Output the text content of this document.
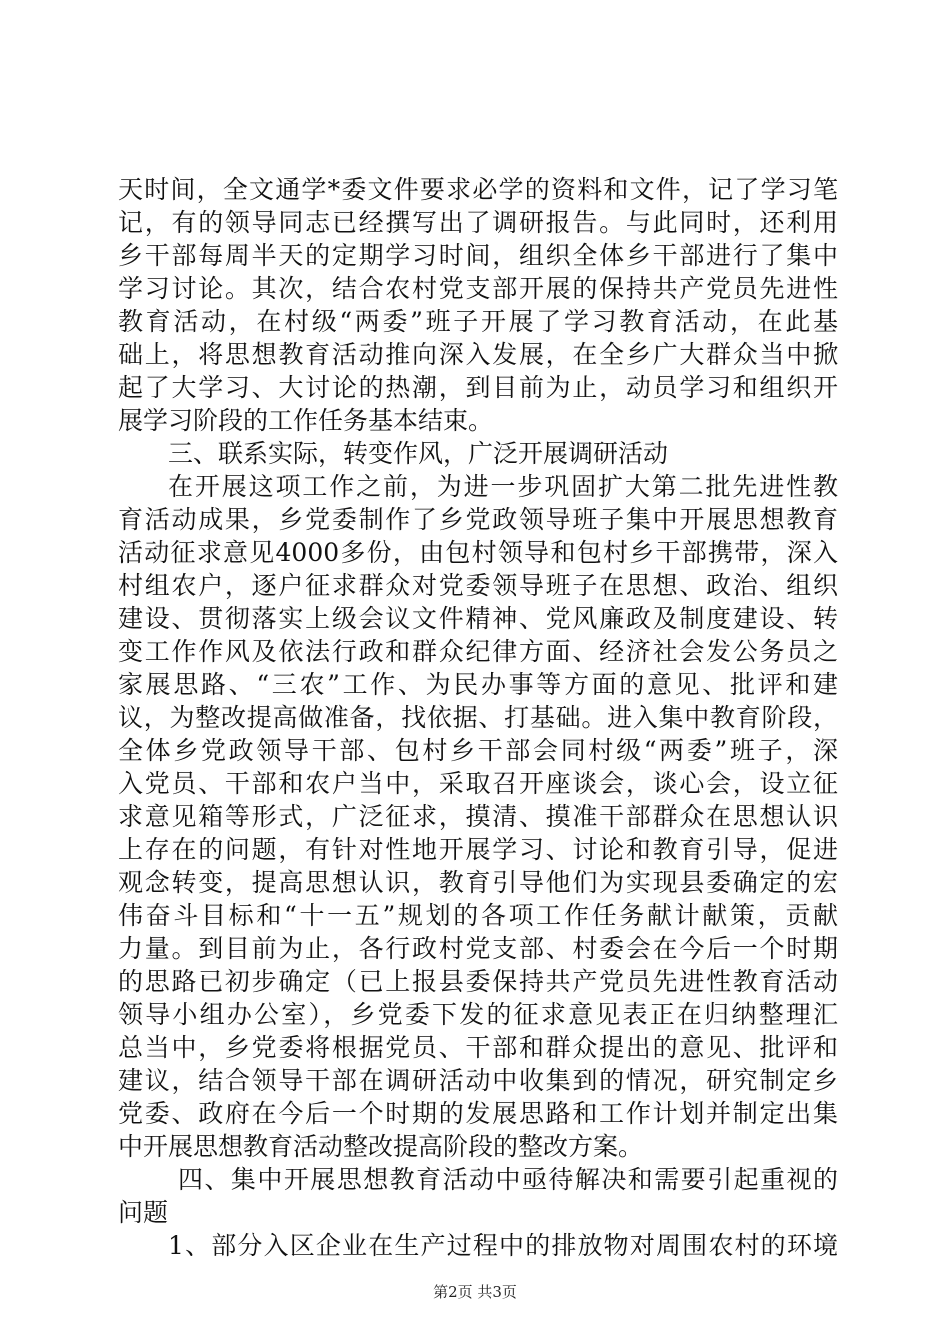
天时间，全文通学*委文件要求必学的资料和文件，记了学习笔
记，有的领导同志已经撰写出了调研报告。与此同时，还利用
乡干部每周半天的定期学习时间，组织全体乡干部进行了集中
学习讨论。其次，结合农村党支部开展的保持共产党员先进性
教育活动，在村级“两委”班子开展了学习教育活动，在此基
础上，将思想教育活动推向深入发展，在全乡广大群众当中掀
起了大学习、大讨论的热潮，到目前为止，动员学习和组织开
展学习阶段的工作任务基本结束。
三、联系实际，转变作风，广泛开展调研活动
在开展这项工作之前，为进一步巩固扩大第二批先进性教
育活动成果，乡党委制作了乡党政领导班子集中开展思想教育
活动征求意见4000多份，由包村领导和包村乡干部携带，深入
村组农户，逐户征求群众对党委领导班子在思想、政治、组织
建设、贯彻落实上级会议文件精神、党风廉政及制度建设、转
变工作作风及依法行政和群众纪律方面、经济社会发公务员之
家展思路、“三农”工作、为民办事等方面的意见、批评和建
议，为整改提高做准备，找依据、打基础。进入集中教育阶段，
全体乡党政领导干部、包村乡干部会同村级“两委”班子，深
入党员、干部和农户当中，采取召开座谈会，谈心会，设立征
求意见箱等形式，广泛征求，摸清、摸准干部群众在思想认识
上存在的问题，有针对性地开展学习、讨论和教育引导，促进
观念转变，提高思想认识，教育引导他们为实现县委确定的宏
伟奋斗目标和“十一五”规划的各项工作任务献计献策，贡献
力量。到目前为止，各行政村党支部、村委会在今后一个时期
的思路已初步确定（已上报县委保持共产党员先进性教育活动
领导小组办公室），乡党委下发的征求意见表正在归纳整理汇
总当中，乡党委将根据党员、干部和群众提出的意见、批评和
建议，结合领导干部在调研活动中收集到的情况，研究制定乡
党委、政府在今后一个时期的发展思路和工作计划并制定出集
中开展思想教育活动整改提高阶段的整改方案。
四、集中开展思想教育活动中亟待解决和需要引起重视的
问题
1、部分入区企业在生产过程中的排放物对周围农村的环境
第2页 共3页
